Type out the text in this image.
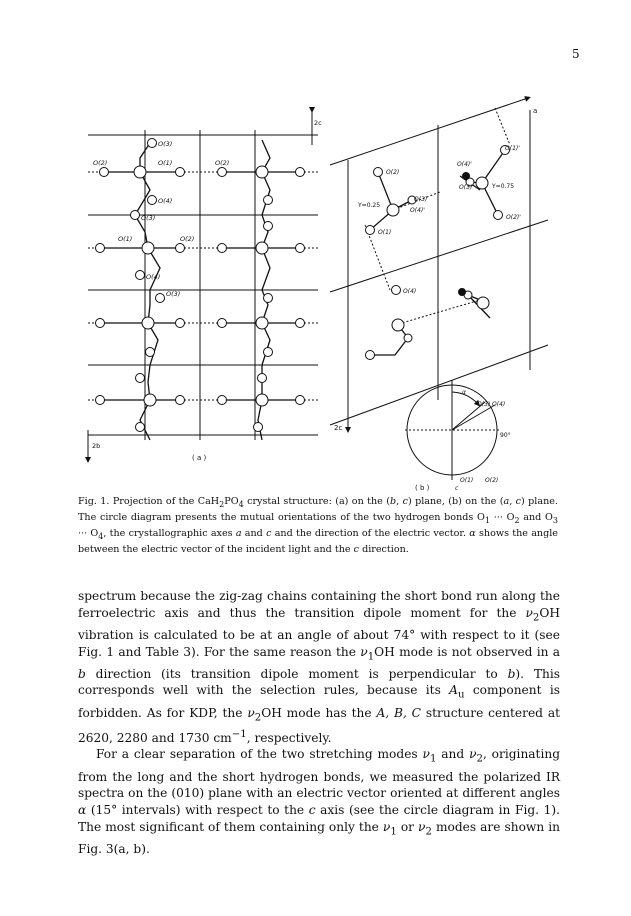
5
O(3)
O(2)	O(1)	O(2)
O(4)
O(3)
O(1)	O(2)
O(4)
O(3)
2c
2b
( a )
O(1)'
O(4)'
O(3)'	Y=0.75
O(2)'
O(2)
O(3)
O(4)'
Y=0.25
O(1)
O(4)
a
2c
90°
α
c
O(1) O(2)
O(3) O(4)
( b )
Fig. 1. Projection of the $CaH_2PO_4$ crystal structure: (a) on the (b, c) plane, (b) on the (a, c) plane. The circle diagram presents the mutual orientations of the two hydrogen bonds $O_1$ ··· $O_2$ and $O_3$ ··· $O_4$, the crystallographic axes a and c and the direction of the electric vector. α shows the angle between the electric vector of the incident light and the c direction.

spectrum because the zig-zag chains containing the short bond run along the ferroelectric axis and thus the transition dipole moment for the $\nu_2OH$ vibration is calculated to be at an angle of about 74° with respect to it (see Fig. 1 and Table 3). For the same reason the $\nu_1OH$ mode is not observed in a b direction (its transition dipole moment is perpendicular to b). This corresponds well with the selection rules, because its $A_u$ component is forbidden. As for KDP, the $\nu_2OH$ mode has the A, B, C structure centered at 2620, 2280 and 1730 $cm^{-1}$, respectively.

For a clear separation of the two stretching modes $\nu_1$ and $\nu_2$, originating from the long and the short hydrogen bonds, we measured the polarized IR spectra on the (010) plane with an electric vector oriented at different angles α (15° intervals) with respect to the c axis (see the circle diagram in Fig. 1). The most significant of them containing only the $\nu_1$ or $\nu_2$ modes are shown in Fig. 3(a, b).
